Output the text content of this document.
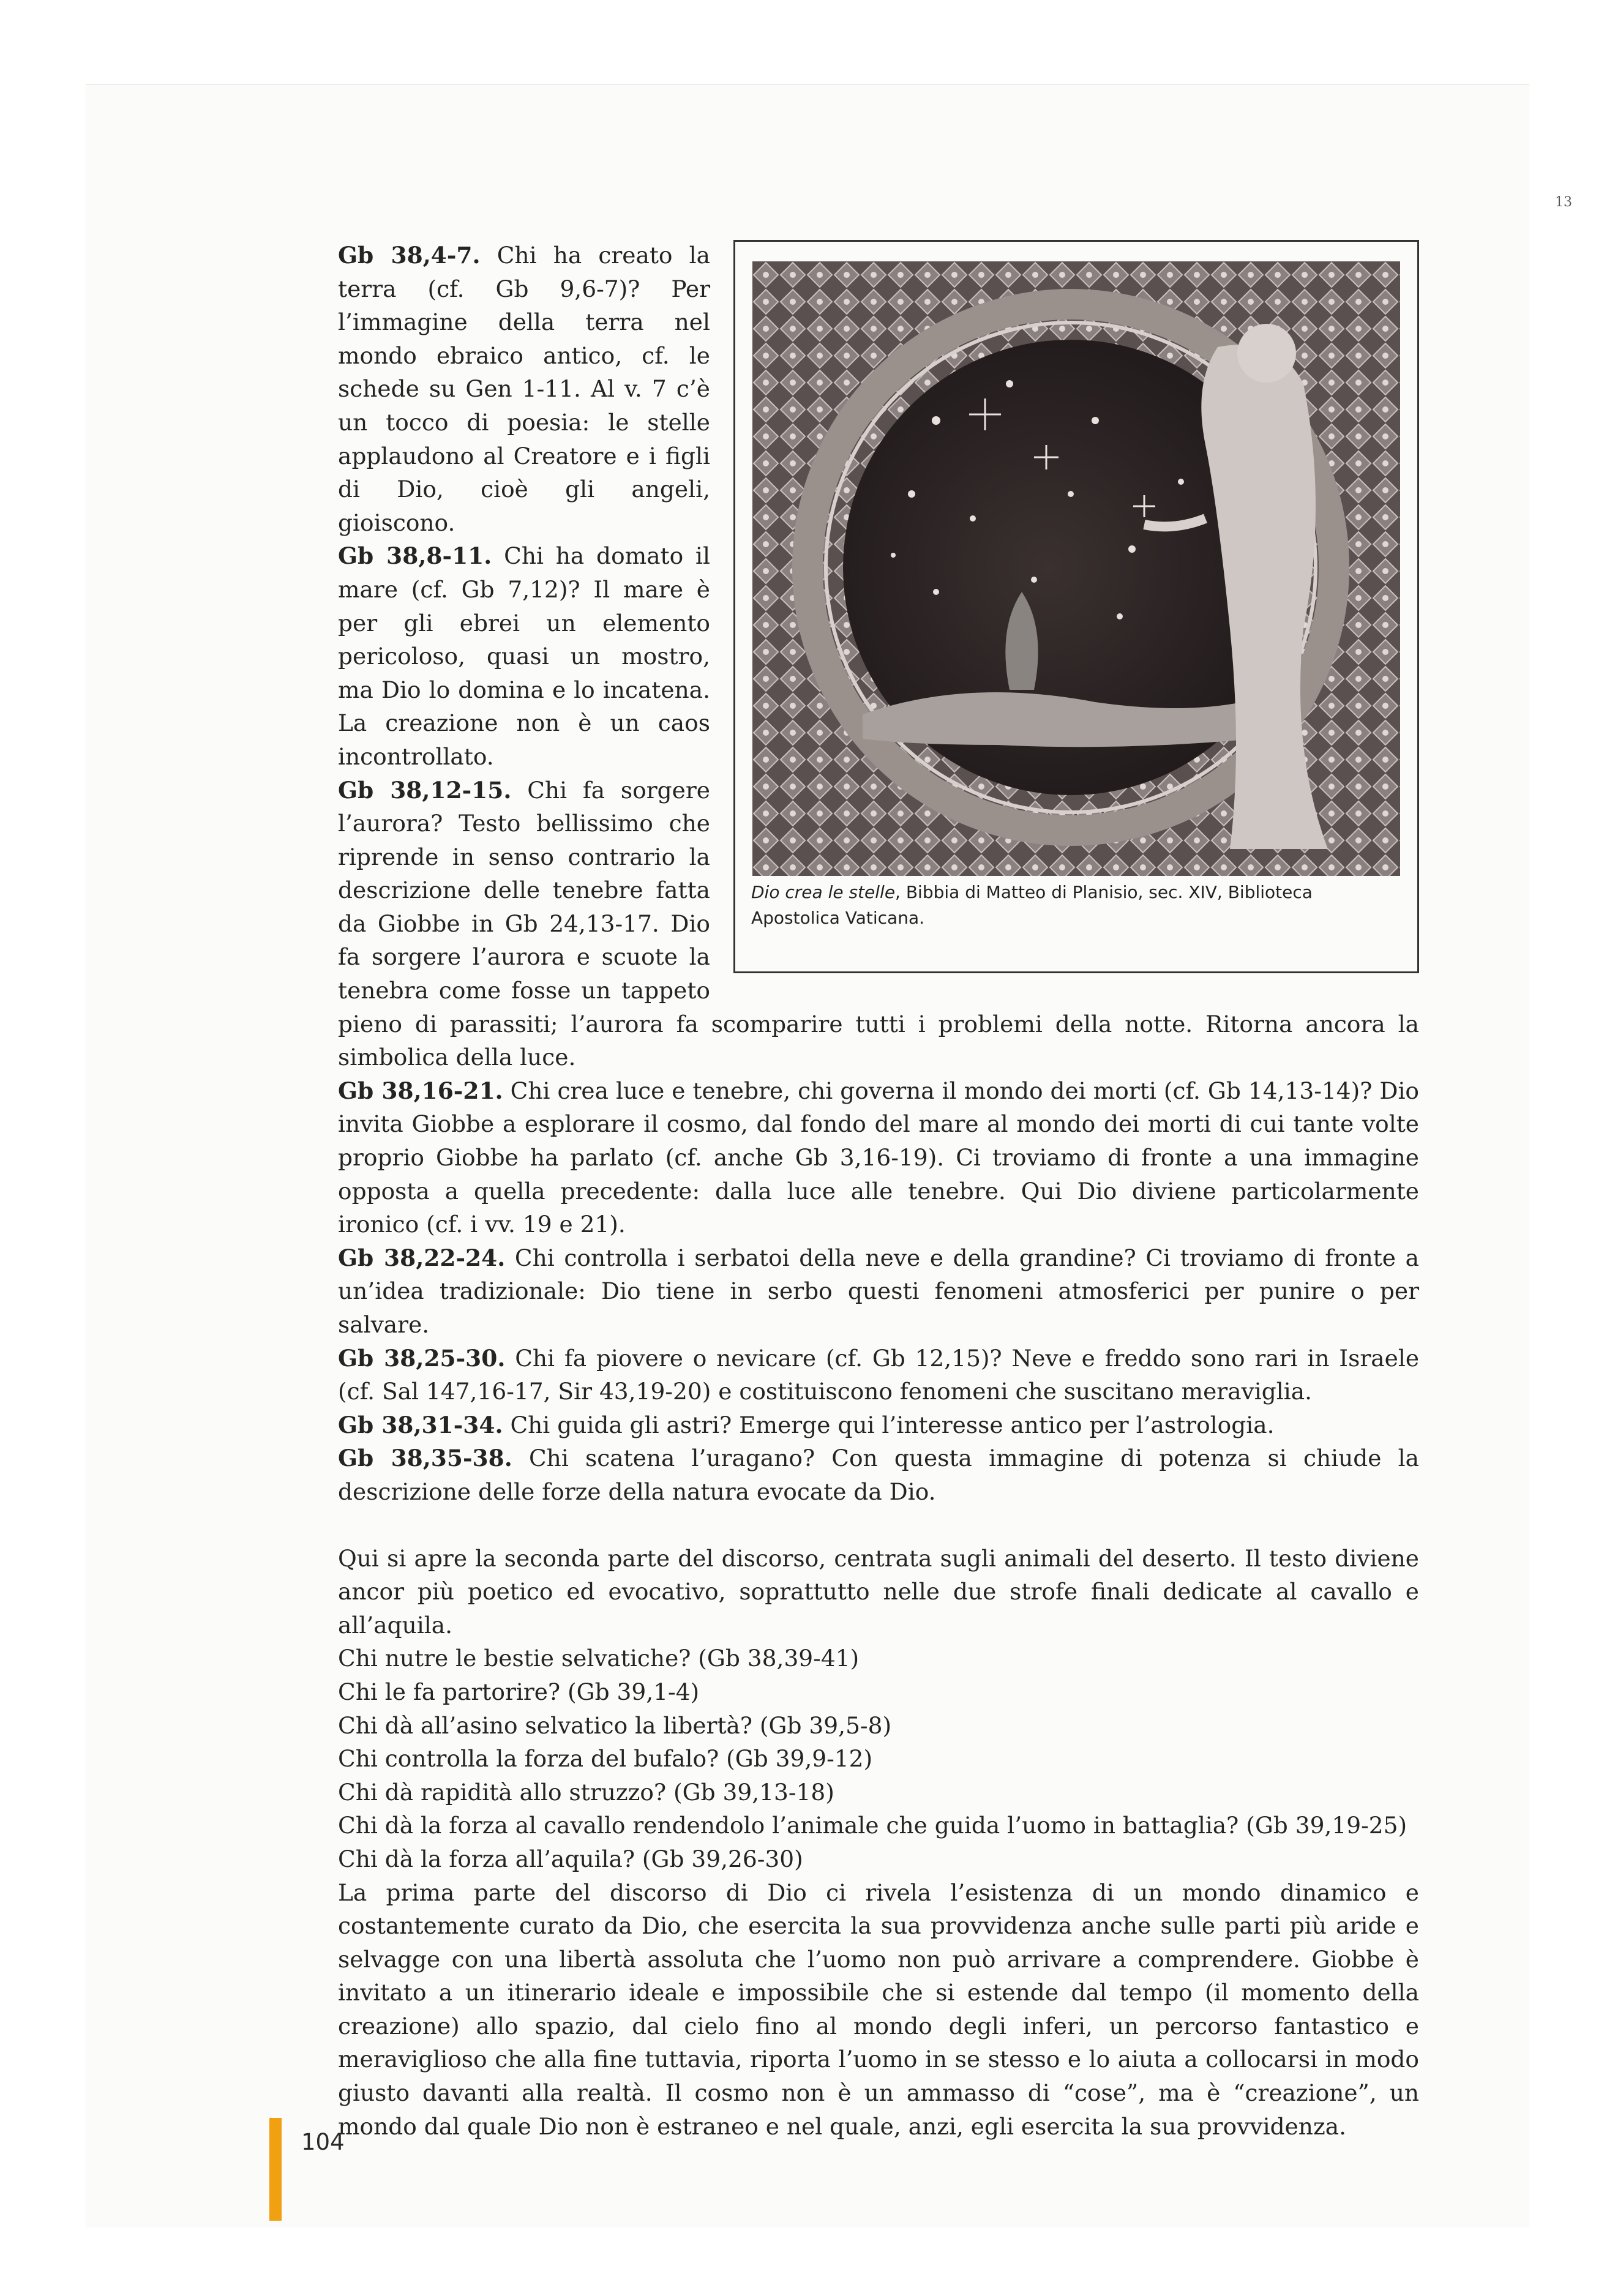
13
Dio crea le stelle, Bibbia di Matteo di Planisio, sec. XIV, Biblioteca Apostolica Vaticana.

Gb 38,4-7. Chi ha creato la terra (cf. Gb 9,6-7)? Per l’immagine della terra nel mondo ebraico antico, cf. le schede su Gen 1-11. Al v. 7 c’è un tocco di poesia: le stelle applaudono al Creatore e i figli di Dio, cioè gli angeli, gioiscono.

Gb 38,8-11. Chi ha domato il mare (cf. Gb 7,12)? Il mare è per gli ebrei un elemento pericoloso, quasi un mostro, ma Dio lo domina e lo incatena. La creazione non è un caos incontrollato.

Gb 38,12-15. Chi fa sorgere l’aurora? Testo bellissimo che riprende in senso contrario la descrizione delle tenebre fatta da Giobbe in Gb 24,13-17. Dio fa sorgere l’aurora e scuote la tenebra come fosse un tappeto pieno di parassiti; l’aurora fa scomparire tutti i problemi della notte. Ritorna ancora la simbolica della luce.

Gb 38,16-21. Chi crea luce e tenebre, chi governa il mondo dei morti (cf. Gb 14,13-14)? Dio invita Giobbe a esplorare il cosmo, dal fondo del mare al mondo dei morti di cui tante volte proprio Giobbe ha parlato (cf. anche Gb 3,16-19). Ci troviamo di fronte a una immagine opposta a quella precedente: dalla luce alle tenebre. Qui Dio diviene particolarmente ironico (cf. i vv. 19 e 21).

Gb 38,22-24. Chi controlla i serbatoi della neve e della grandine? Ci troviamo di fronte a un’idea tradizionale: Dio tiene in serbo questi fenomeni atmosferici per punire o per salvare.

Gb 38,25-30. Chi fa piovere o nevicare (cf. Gb 12,15)? Neve e freddo sono rari in Israele (cf. Sal 147,16-17, Sir 43,19-20) e costituiscono fenomeni che suscitano meraviglia.

Gb 38,31-34. Chi guida gli astri? Emerge qui l’interesse antico per l’astrologia.

Gb 38,35-38. Chi scatena l’uragano? Con questa immagine di potenza si chiude la descrizione delle forze della natura evocate da Dio.

Qui si apre la seconda parte del discorso, centrata sugli animali del deserto. Il testo diviene ancor più poetico ed evocativo, soprattutto nelle due strofe finali dedicate al cavallo e all’aquila.

Chi nutre le bestie selvatiche? (Gb 38,39-41)

Chi le fa partorire? (Gb 39,1-4)

Chi dà all’asino selvatico la libertà? (Gb 39,5-8)

Chi controlla la forza del bufalo? (Gb 39,9-12)

Chi dà rapidità allo struzzo? (Gb 39,13-18)

Chi dà la forza al cavallo rendendolo l’animale che guida l’uomo in battaglia? (Gb 39,19-25)

Chi dà la forza all’aquila? (Gb 39,26-30)

La prima parte del discorso di Dio ci rivela l’esistenza di un mondo dinamico e costantemente curato da Dio, che esercita la sua provvidenza anche sulle parti più aride e selvagge con una libertà assoluta che l’uomo non può arrivare a comprendere. Giobbe è invitato a un itinerario ideale e impossibile che si estende dal tempo (il momento della creazione) allo spazio, dal cielo fino al mondo degli inferi, un percorso fantastico e meraviglioso che alla fine tuttavia, riporta l’uomo in se stesso e lo aiuta a collocarsi in modo giusto davanti alla realtà. Il cosmo non è un ammasso di “cose”, ma è “creazione”, un mondo dal quale Dio non è estraneo e nel quale, anzi, egli esercita la sua provvidenza.

104
